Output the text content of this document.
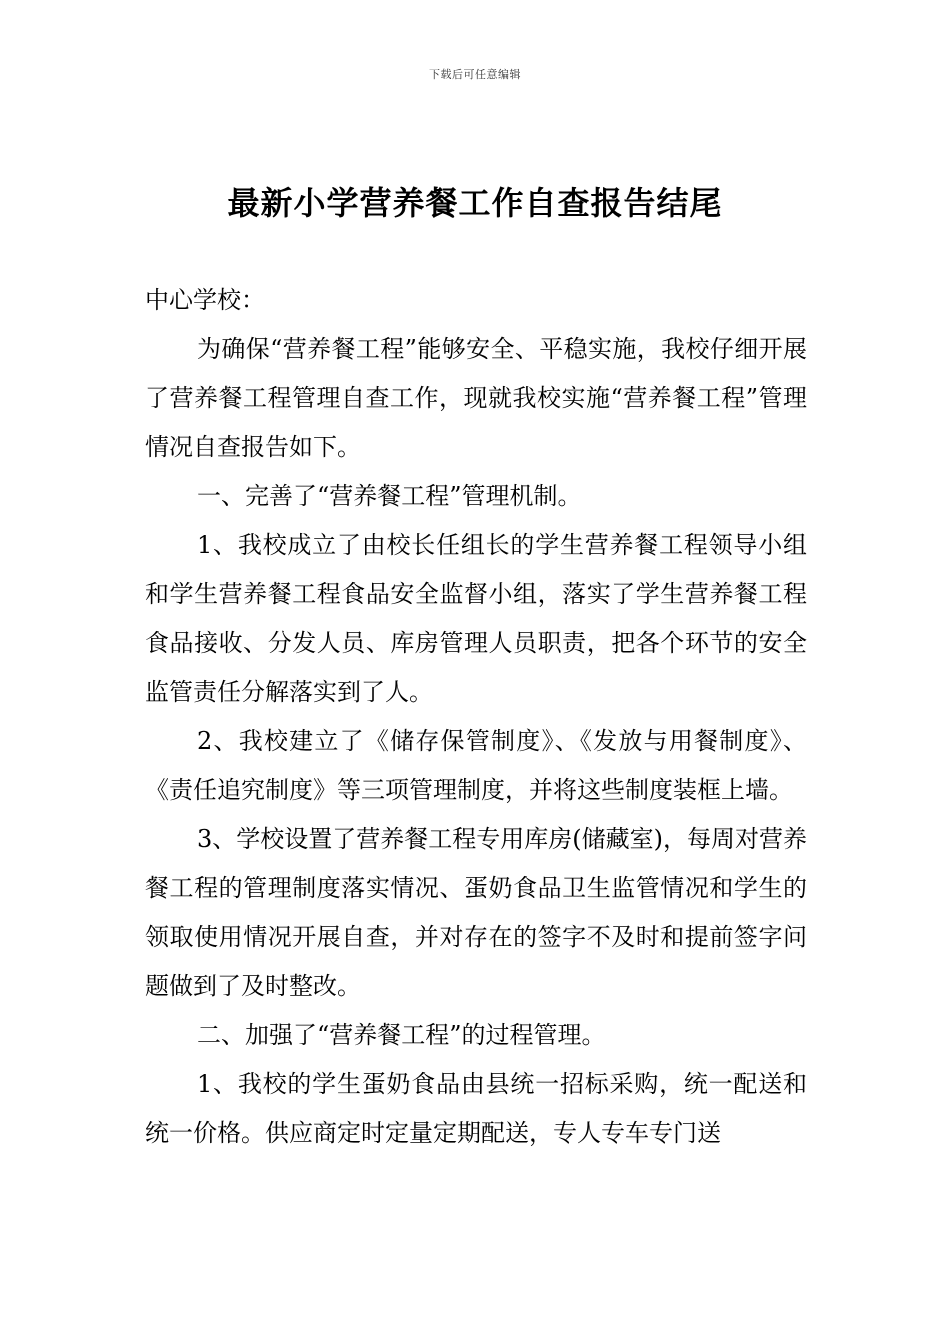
下载后可任意编辑
最新小学营养餐工作自查报告结尾

中心学校：

为确保“营养餐工程”能够安全、平稳实施，我校仔细开展了营养餐工程管理自查工作，现就我校实施“营养餐工程”管理情况自查报告如下。

一、完善了“营养餐工程”管理机制。

1、我校成立了由校长任组长的学生营养餐工程领导小组和学生营养餐工程食品安全监督小组，落实了学生营养餐工程食品接收、分发人员、库房管理人员职责，把各个环节的安全监管责任分解落实到了人。

2、我校建立了《储存保管制度》、《发放与用餐制度》、《责任追究制度》等三项管理制度，并将这些制度装框上墙。

3、学校设置了营养餐工程专用库房(储藏室)，每周对营养餐工程的管理制度落实情况、蛋奶食品卫生监管情况和学生的领取使用情况开展自查，并对存在的签字不及时和提前签字问题做到了及时整改。

二、加强了“营养餐工程”的过程管理。

1、我校的学生蛋奶食品由县统一招标采购，统一配送和统一价格。供应商定时定量定期配送，专人专车专门送
